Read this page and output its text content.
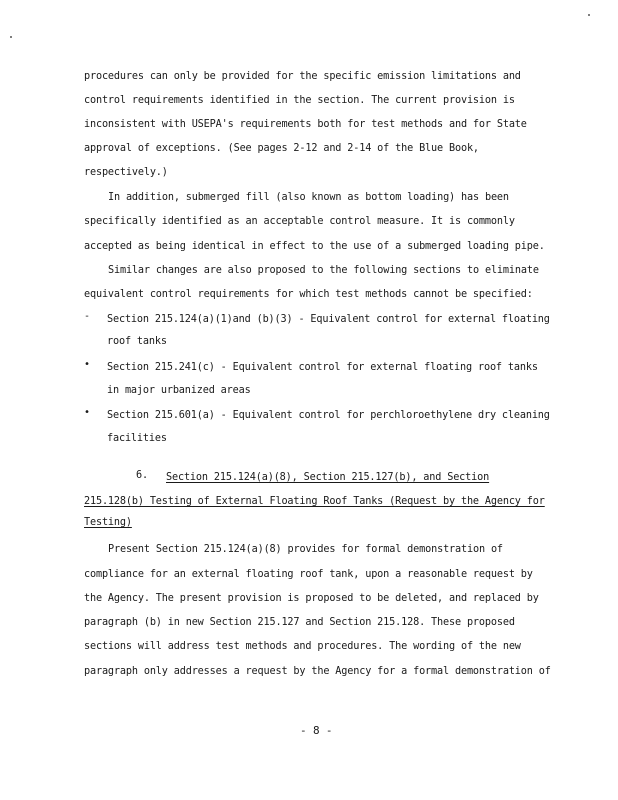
procedures can only be provided for the specific emission limitations and
control requirements identified in the section. The current provision is
inconsistent with USEPA's requirements both for test methods and for State
approval of exceptions. (See pages 2-12 and 2-14 of the Blue Book,
respectively.)
In addition, submerged fill (also known as bottom loading) has been
specifically identified as an acceptable control measure. It is commonly
accepted as being identical in effect to the use of a submerged loading pipe.
Similar changes are also proposed to the following sections to eliminate
equivalent control requirements for which test methods cannot be specified:
- Section 215.124(a)(1)and (b)(3) - Equivalent control for external floating
roof tanks
• Section 215.241(c) - Equivalent control for external floating roof tanks
in major urbanized areas
• Section 215.601(a) - Equivalent control for perchloroethylene dry cleaning
facilities
6. Section 215.124(a)(8), Section 215.127(b), and Section
215.128(b) Testing of External Floating Roof Tanks (Request by the Agency for
Testing)
Present Section 215.124(a)(8) provides for formal demonstration of
compliance for an external floating roof tank, upon a reasonable request by
the Agency. The present provision is proposed to be deleted, and replaced by
paragraph (b) in new Section 215.127 and Section 215.128. These proposed
sections will address test methods and procedures. The wording of the new
paragraph only addresses a request by the Agency for a formal demonstration of
- 8 -
